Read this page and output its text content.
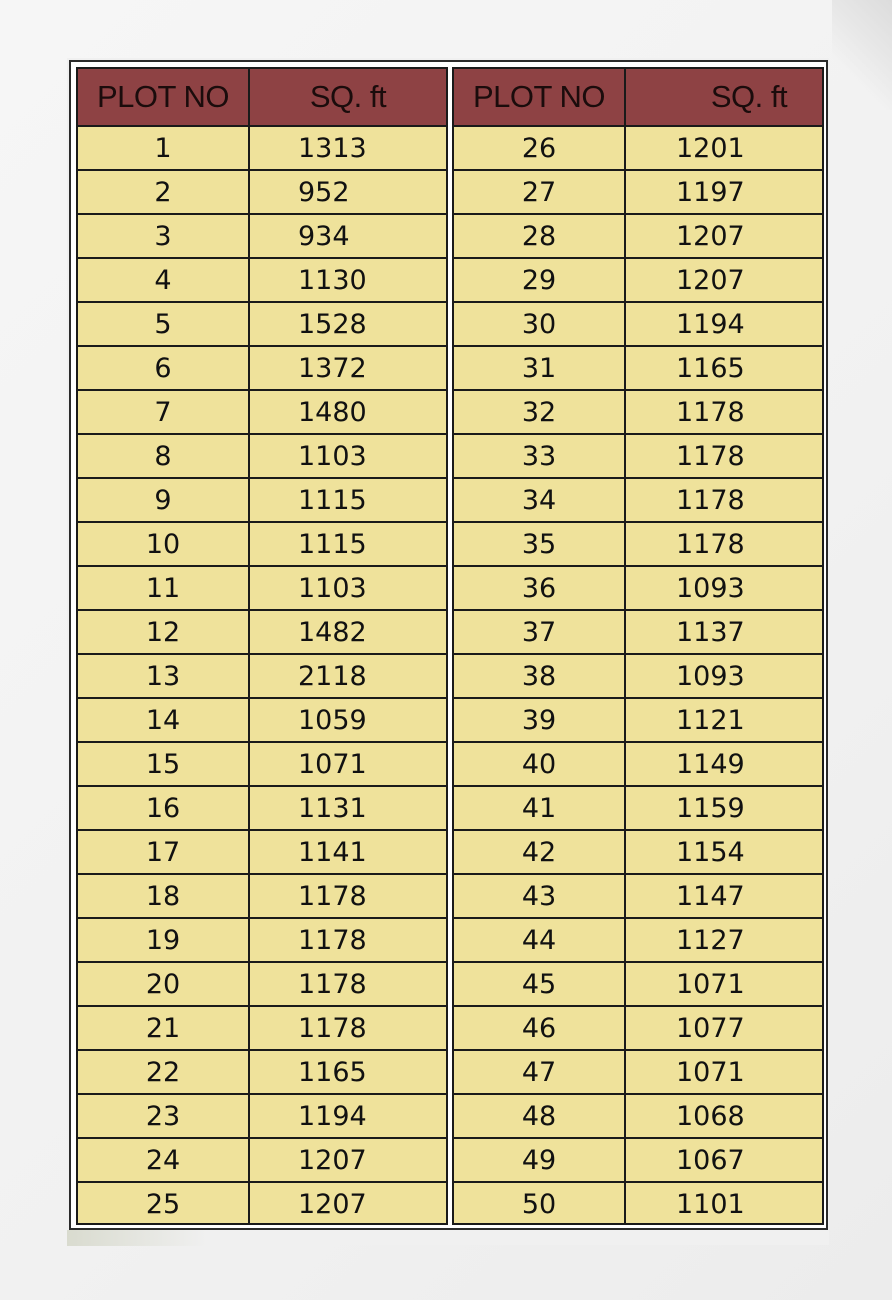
PLOT NO	SQ. ft
1	1313
2	952
3	934
4	1130
5	1528
6	1372
7	1480
8	1103
9	1115
10	1115
11	1103
12	1482
13	2118
14	1059
15	1071
16	1131
17	1141
18	1178
19	1178
20	1178
21	1178
22	1165
23	1194
24	1207
25	1207
PLOT NO	SQ. ft
26	1201
27	1197
28	1207
29	1207
30	1194
31	1165
32	1178
33	1178
34	1178
35	1178
36	1093
37	1137
38	1093
39	1121
40	1149
41	1159
42	1154
43	1147
44	1127
45	1071
46	1077
47	1071
48	1068
49	1067
50	1101
